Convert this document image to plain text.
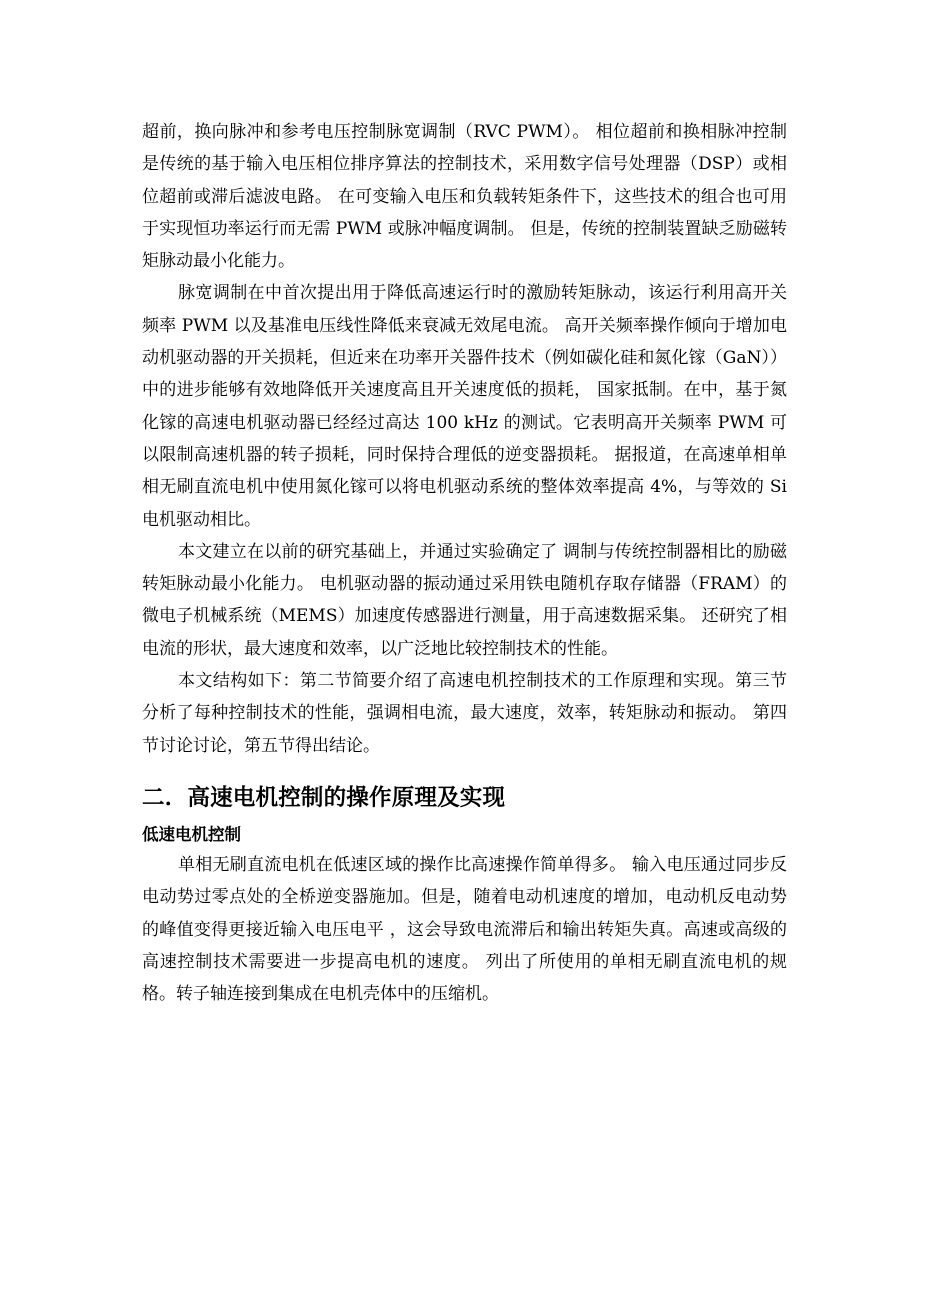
超前，换向脉冲和参考电压控制脉宽调制（RVC PWM）。 相位超前和换相脉冲控制是传统的基于输入电压相位排序算法的控制技术，采用数字信号处理器（DSP）或相位超前或滞后滤波电路。 在可变输入电压和负载转矩条件下，这些技术的组合也可用于实现恒功率运行而无需 PWM 或脉冲幅度调制。 但是，传统的控制装置缺乏励磁转矩脉动最小化能力。

脉宽调制在中首次提出用于降低高速运行时的激励转矩脉动，该运行利用高开关频率 PWM 以及基准电压线性降低来衰减无效尾电流。 高开关频率操作倾向于增加电动机驱动器的开关损耗，但近来在功率开关器件技术（例如碳化硅和氮化镓（GaN））中的进步能够有效地降低开关速度高且开关速度低的损耗， 国家抵制。在中，基于氮化镓的高速电机驱动器已经经过高达 100 kHz 的测试。它表明高开关频率 PWM 可以限制高速机器的转子损耗，同时保持合理低的逆变器损耗。 据报道，在高速单相单相无刷直流电机中使用氮化镓可以将电机驱动系统的整体效率提高 4%，与等效的 Si 电机驱动相比。

本文建立在以前的研究基础上，并通过实验确定了 调制与传统控制器相比的励磁转矩脉动最小化能力。 电机驱动器的振动通过采用铁电随机存取存储器（FRAM）的微电子机械系统（MEMS）加速度传感器进行测量，用于高速数据采集。 还研究了相电流的形状，最大速度和效率，以广泛地比较控制技术的性能。

本文结构如下：第二节简要介绍了高速电机控制技术的工作原理和实现。第三节分析了每种控制技术的性能，强调相电流，最大速度，效率，转矩脉动和振动。 第四节讨论讨论，第五节得出结论。

二．高速电机控制的操作原理及实现
低速电机控制

单相无刷直流电机在低速区域的操作比高速操作简单得多。 输入电压通过同步反电动势过零点处的全桥逆变器施加。但是，随着电动机速度的增加，电动机反电动势的峰值变得更接近输入电压电平 ，这会导致电流滞后和输出转矩失真。高速或高级的高速控制技术需要进一步提高电机的速度。 列出了所使用的单相无刷直流电机的规格。转子轴连接到集成在电机壳体中的压缩机。
